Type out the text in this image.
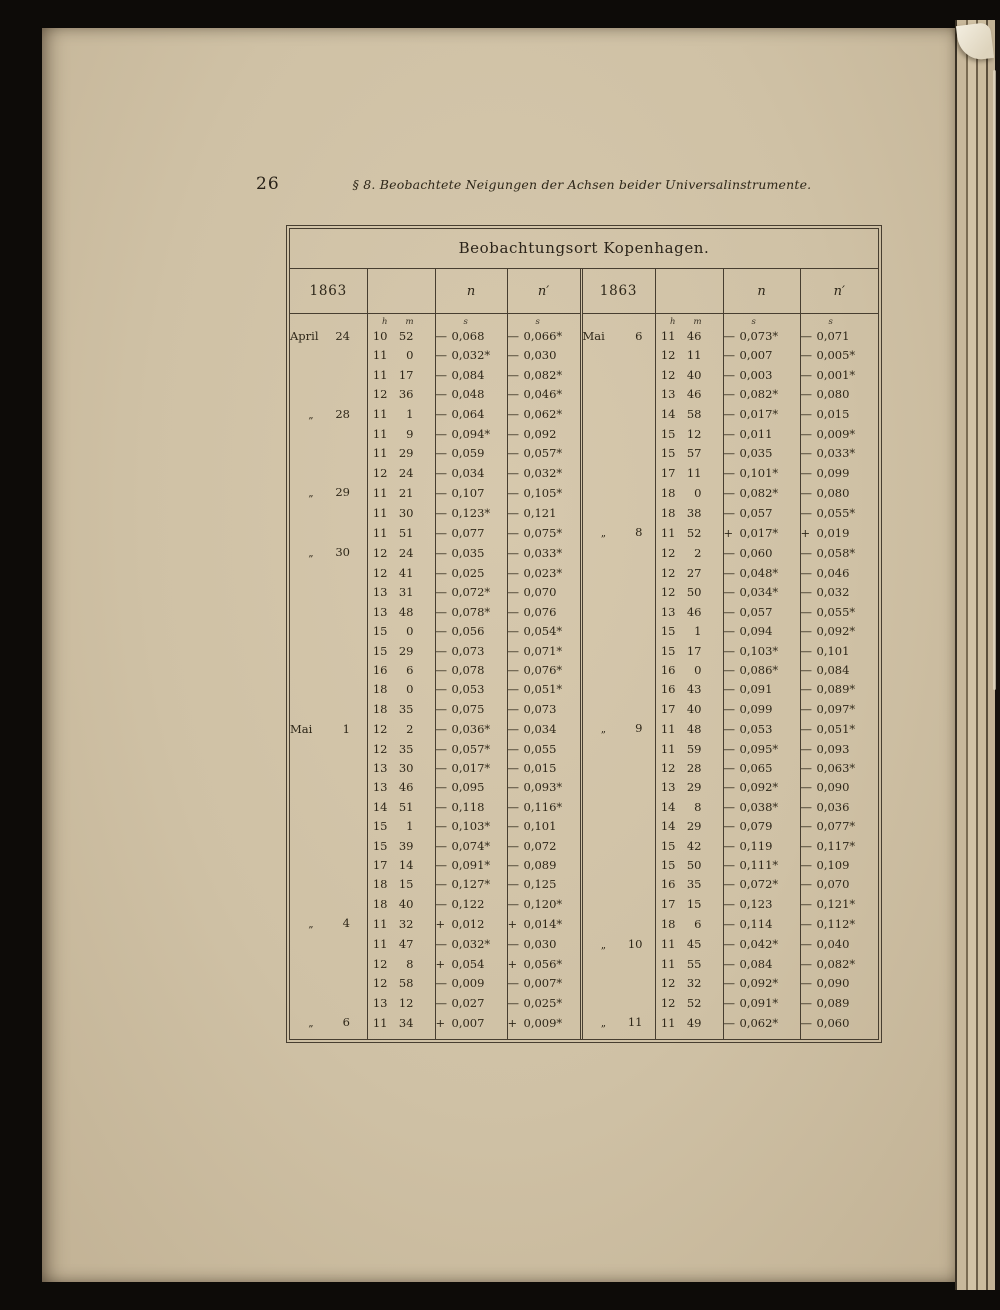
26	§ 8. Beobachtete Neigungen der Achsen beider Universalinstrumente.
Beobachtungsort Kopenhagen.
1863		n	n′	1863		n	n′
	h m	s	s		h m	s	s
April 24	10 52	— 0,068	— 0,066*	Mai 6	11 46	— 0,073*	— 0,071
	11 0	— 0,032*	— 0,030		12 11	— 0,007	— 0,005*
	11 17	— 0,084	— 0,082*		12 40	— 0,003	— 0,001*
	12 36	— 0,048	— 0,046*		13 46	— 0,082*	— 0,080
„ 28	11 1	— 0,064	— 0,062*		14 58	— 0,017*	— 0,015
	11 9	— 0,094*	— 0,092		15 12	— 0,011	— 0,009*
	11 29	— 0,059	— 0,057*		15 57	— 0,035	— 0,033*
	12 24	— 0,034	— 0,032*		17 11	— 0,101*	— 0,099
„ 29	11 21	— 0,107	— 0,105*		18 0	— 0,082*	— 0,080
	11 30	— 0,123*	— 0,121		18 38	— 0,057	— 0,055*
	11 51	— 0,077	— 0,075*	„ 8	11 52	+ 0,017*	+ 0,019
„ 30	12 24	— 0,035	— 0,033*		12 2	— 0,060	— 0,058*
	12 41	— 0,025	— 0,023*		12 27	— 0,048*	— 0,046
	13 31	— 0,072*	— 0,070		12 50	— 0,034*	— 0,032
	13 48	— 0,078*	— 0,076		13 46	— 0,057	— 0,055*
	15 0	— 0,056	— 0,054*		15 1	— 0,094	— 0,092*
	15 29	— 0,073	— 0,071*		15 17	— 0,103*	— 0,101
	16 6	— 0,078	— 0,076*		16 0	— 0,086*	— 0,084
	18 0	— 0,053	— 0,051*		16 43	— 0,091	— 0,089*
	18 35	— 0,075	— 0,073		17 40	— 0,099	— 0,097*
Mai 1	12 2	— 0,036*	— 0,034	„ 9	11 48	— 0,053	— 0,051*
	12 35	— 0,057*	— 0,055		11 59	— 0,095*	— 0,093
	13 30	— 0,017*	— 0,015		12 28	— 0,065	— 0,063*
	13 46	— 0,095	— 0,093*		13 29	— 0,092*	— 0,090
	14 51	— 0,118	— 0,116*		14 8	— 0,038*	— 0,036
	15 1	— 0,103*	— 0,101		14 29	— 0,079	— 0,077*
	15 39	— 0,074*	— 0,072		15 42	— 0,119	— 0,117*
	17 14	— 0,091*	— 0,089		15 50	— 0,111*	— 0,109
	18 15	— 0,127*	— 0,125		16 35	— 0,072*	— 0,070
	18 40	— 0,122	— 0,120*		17 15	— 0,123	— 0,121*
„ 4	11 32	+ 0,012	+ 0,014*		18 6	— 0,114	— 0,112*
	11 47	— 0,032*	— 0,030	„ 10	11 45	— 0,042*	— 0,040
	12 8	+ 0,054	+ 0,056*		11 55	— 0,084	— 0,082*
	12 58	— 0,009	— 0,007*		12 32	— 0,092*	— 0,090
	13 12	— 0,027	— 0,025*		12 52	— 0,091*	— 0,089
„ 6	11 34	+ 0,007	+ 0,009*	„ 11	11 49	— 0,062*	— 0,060
